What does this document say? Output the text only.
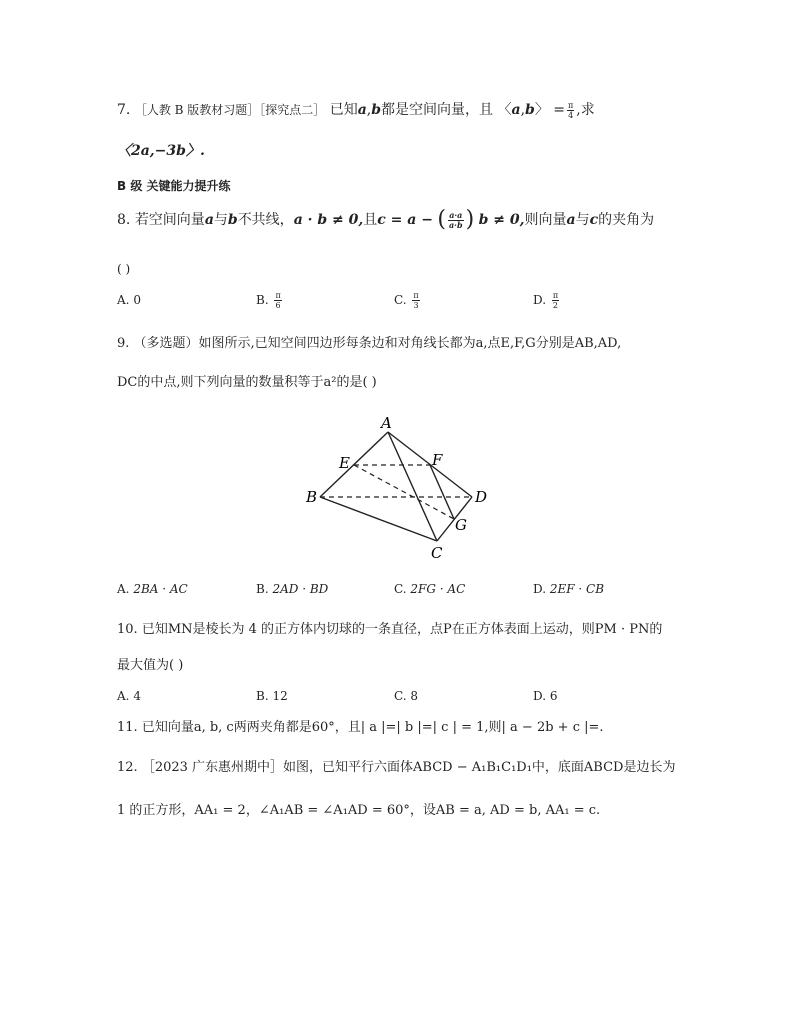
7. ［人教 B 版教材习题］［探究点二］ 已知a,b都是空间向量，且 〈a,b〉 = $\frac{\pi}{4}$ ,求
〈2a,−3b〉.
B 级 关键能力提升练
8. 若空间向量a与b不共线，a · b ≠ 0,且c = a − ( $\frac{a\cdot a}{a\cdot b}$ ) b ≠ 0,则向量a与c的夹角为
( )
A. 0	B. $\frac{\pi}{6}$	C. $\frac{\pi}{3}$	D. $\frac{\pi}{2}$
9. （多选题）如图所示,已知空间四边形每条边和对角线长都为a,点E,F,G分别是AB,AD,
DC的中点,则下列向量的数量积等于a²的是( )
A
B
C
D
E	F
G
A. 2BA · AC	B. 2AD · BD	C. 2FG · AC	D. 2EF · CB
10. 已知MN是棱长为 4 的正方体内切球的一条直径，点P在正方体表面上运动，则PM · PN的
最大值为( )
A. 4	B. 12	C. 8	D. 6
11. 已知向量a, b, c两两夹角都是60°，且| a |=| b |=| c | = 1,则| a − 2b + c |=.
12. ［2023 广东惠州期中］如图，已知平行六面体ABCD − A₁B₁C₁D₁中，底面ABCD是边长为
1 的正方形，AA₁ = 2，∠A₁AB = ∠A₁AD = 60°，设AB = a, AD = b, AA₁ = c.
